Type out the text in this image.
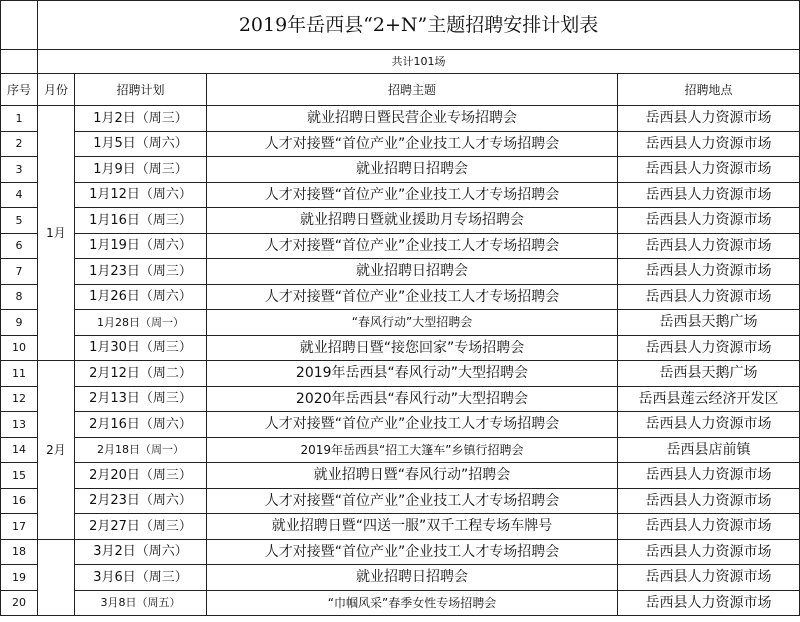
	2019年岳西县“2+N”主题招聘安排计划表			
	共计101场			
序号	月份	招聘计划	招聘主题	招聘地点
1	1月	1月2日（周三）	就业招聘日暨民营企业专场招聘会	岳西县人力资源市场
2		1月5日（周六）	人才对接暨“首位产业”企业技工人才专场招聘会	岳西县人力资源市场
3		1月9日（周三）	就业招聘日招聘会	岳西县人力资源市场
4		1月12日（周六）	人才对接暨“首位产业”企业技工人才专场招聘会	岳西县人力资源市场
5		1月16日（周三）	就业招聘日暨就业援助月专场招聘会	岳西县人力资源市场
6		1月19日（周六）	人才对接暨“首位产业”企业技工人才专场招聘会	岳西县人力资源市场
7		1月23日（周三）	就业招聘日招聘会	岳西县人力资源市场
8		1月26日（周六）	人才对接暨“首位产业”企业技工人才专场招聘会	岳西县人力资源市场
9		1月28日（周一）	“春风行动”大型招聘会	岳西县天鹅广场
10		1月30日（周三）	就业招聘日暨“接您回家”专场招聘会	岳西县人力资源市场
11	2月	2月12日（周二）	2019年岳西县“春风行动”大型招聘会	岳西县天鹅广场
12		2月13日（周三）	2020年岳西县“春风行动”大型招聘会	岳西县莲云经济开发区
13		2月16日（周六）	人才对接暨“首位产业”企业技工人才专场招聘会	岳西县人力资源市场
14		2月18日（周一）	2019年岳西县“招工大篷车”乡镇行招聘会	岳西县店前镇
15		2月20日（周三）	就业招聘日暨“春风行动”招聘会	岳西县人力资源市场
16		2月23日（周六）	人才对接暨“首位产业”企业技工人才专场招聘会	岳西县人力资源市场
17		2月27日（周三）	就业招聘日暨“四送一服”双千工程专场车牌号	岳西县人力资源市场
18		3月2日（周六）	人才对接暨“首位产业”企业技工人才专场招聘会	岳西县人力资源市场
19		3月6日（周三）	就业招聘日招聘会	岳西县人力资源市场
20		3月8日（周五）	“巾帼风采”春季女性专场招聘会	岳西县人力资源市场
